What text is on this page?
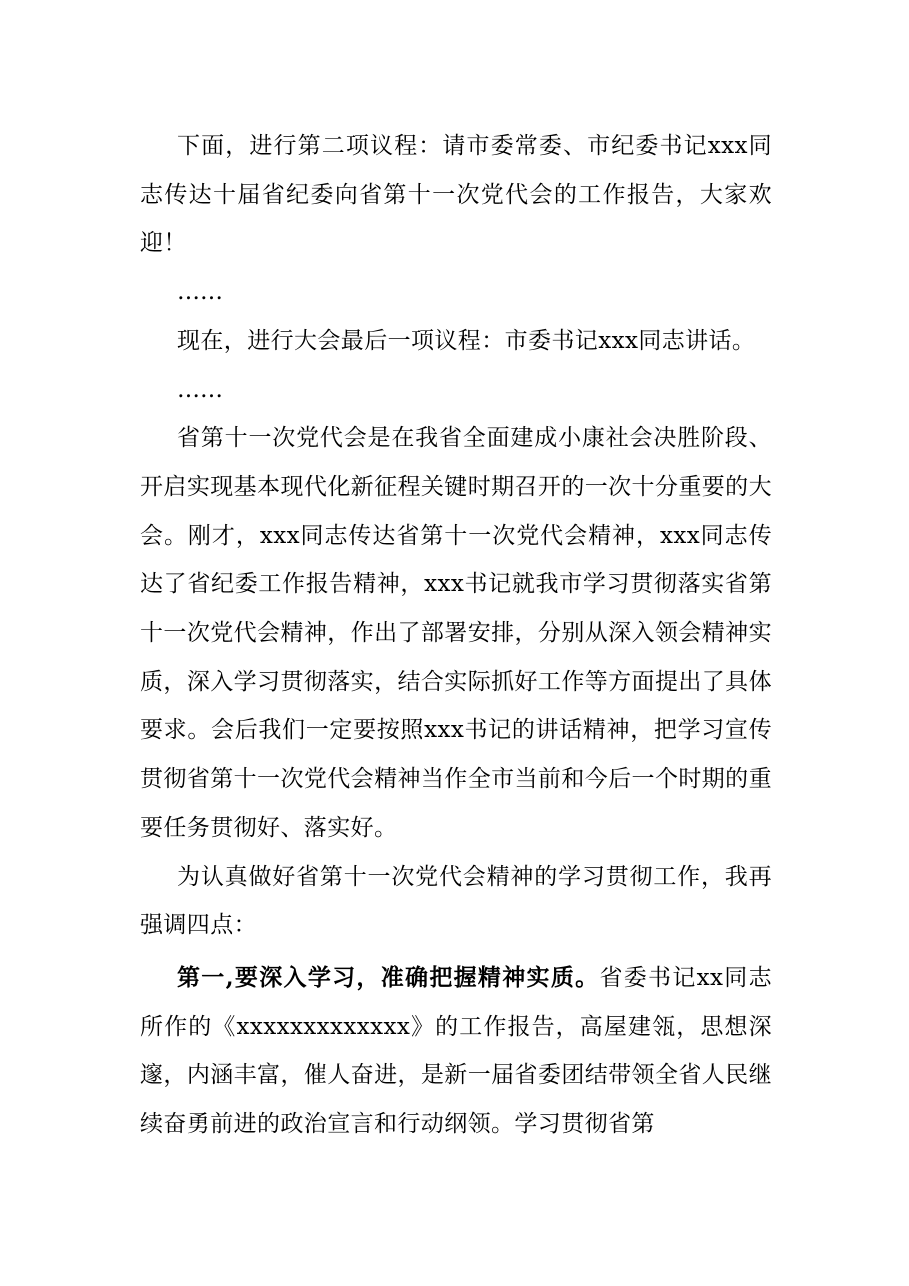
下面，进行第二项议程：请市委常委、市纪委书记xxx同志传达十届省纪委向省第十一次党代会的工作报告，大家欢迎！

……

现在，进行大会最后一项议程：市委书记xxx同志讲话。

……

省第十一次党代会是在我省全面建成小康社会决胜阶段、开启实现基本现代化新征程关键时期召开的一次十分重要的大会。刚才，xxx同志传达省第十一次党代会精神，xxx同志传达了省纪委工作报告精神，xxx书记就我市学习贯彻落实省第十一次党代会精神，作出了部署安排，分别从深入领会精神实质，深入学习贯彻落实，结合实际抓好工作等方面提出了具体要求。会后我们一定要按照xxx书记的讲话精神，把学习宣传贯彻省第十一次党代会精神当作全市当前和今后一个时期的重要任务贯彻好、落实好。

为认真做好省第十一次党代会精神的学习贯彻工作，我再强调四点：

第一,要深入学习，准确把握精神实质。省委书记xx同志所作的《xxxxxxxxxxxxx》的工作报告，高屋建瓴，思想深邃，内涵丰富，催人奋进，是新一届省委团结带领全省人民继续奋勇前进的政治宣言和行动纲领。学习贯彻省第
